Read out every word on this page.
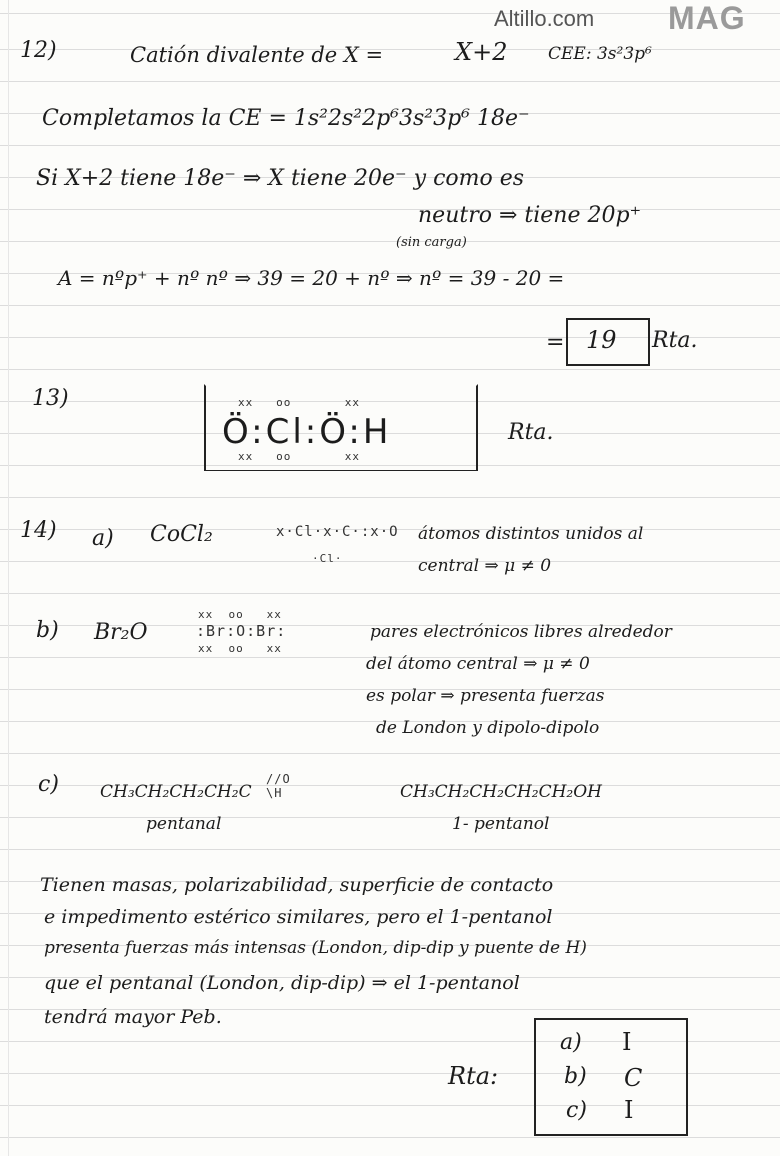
Altillo.com MAG
12)	Catión divalente de X =	X+2 CEE: 3s²3p⁶
Completamos la CE = 1s²2s²2p⁶3s²3p⁶ 18e⁻
Si X+2 tiene 18e⁻ ⇒ X tiene 20e⁻ y como es
neutro ⇒ tiene 20p⁺
(sin carga)
A = nºp⁺ + nº nº ⇒ 39 = 20 + nº ⇒ nº = 39 - 20 =
= 19 Rta.
13)	xx   oo       xx
Ö:Cl:Ö:H
xx   oo       xx
Rta.
14) a) CoCl₂	x·Cl·x·C·:x·O
·Cl·
átomos distintos unidos al
central ⇒ μ ≠ 0
b) Br₂O
xx  oo   xx
:Br:O:Br:
xx  oo   xx
pares electrónicos libres alrededor
del átomo central ⇒ μ ≠ 0
es polar ⇒ presenta fuerzas
de London y dipolo-dipolo
c) CH₃CH₂CH₂CH₂C
//O
\H
pentanal
CH₃CH₂CH₂CH₂CH₂OH
1- pentanol
Tienen masas, polarizabilidad, superficie de contacto
e impedimento estérico similares, pero el 1-pentanol
presenta fuerzas más intensas (London, dip-dip y puente de H)
que el pentanal (London, dip-dip) ⇒ el 1-pentanol
tendrá mayor Peb.
Rta:
a) I
b) C
c) I
